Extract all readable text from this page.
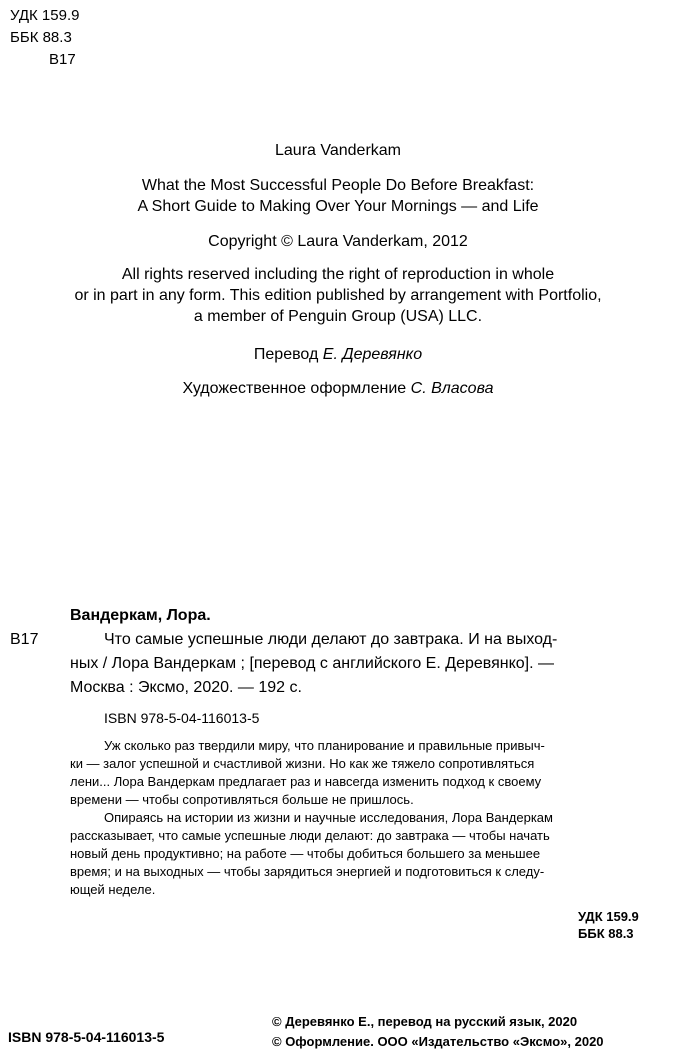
УДК 159.9
ББК 88.3
В17
Laura Vanderkam
What the Most Successful People Do Before Breakfast:
A Short Guide to Making Over Your Mornings — and Life
Copyright © Laura Vanderkam, 2012
All rights reserved including the right of reproduction in whole
or in part in any form. This edition published by arrangement with Portfolio,
a member of Penguin Group (USA) LLC.
Перевод Е. Деревянко
Художественное оформление С. Власова
В17
Вандеркам, Лора.
Что самые успешные люди делают до завтрака. И на выход-
ных / Лора Вандеркам ; [перевод с английского Е. Деревянко]. —
Москва : Эксмо, 2020. — 192 с.
ISBN 978-5-04-116013-5
Уж сколько раз твердили миру, что планирование и правильные привыч-
ки — залог успешной и счастливой жизни. Но как же тяжело сопротивляться
лени... Лора Вандеркам предлагает раз и навсегда изменить подход к своему
времени — чтобы сопротивляться больше не пришлось.
Опираясь на истории из жизни и научные исследования, Лора Вандеркам
рассказывает, что самые успешные люди делают: до завтрака — чтобы начать
новый день продуктивно; на работе — чтобы добиться большего за меньшее
время; и на выходных — чтобы зарядиться энергией и подготовиться к следу-
ющей неделе.
УДК 159.9
ББК 88.3
ISBN 978-5-04-116013-5
© Деревянко Е., перевод на русский язык, 2020
© Оформление. ООО «Издательство «Эксмо», 2020
